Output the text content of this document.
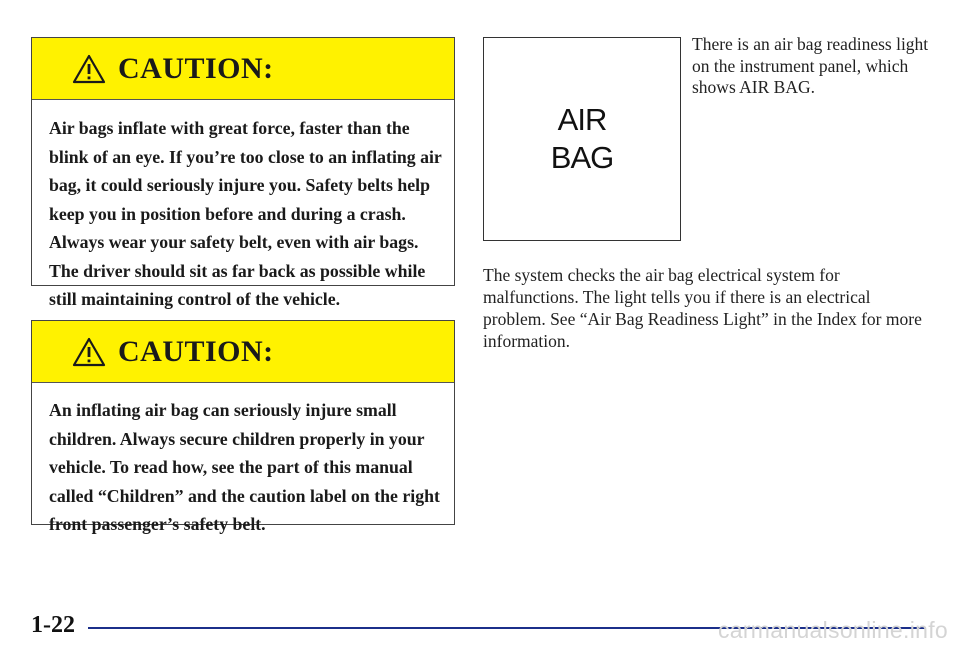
CAUTION:
Air bags inflate with great force, faster than the blink of an eye. If you’re too close to an inflating air bag, it could seriously injure you. Safety belts help keep you in position before and during a crash. Always wear your safety belt, even with air bags. The driver should sit as far back as possible while still maintaining control of the vehicle.
CAUTION:
An inflating air bag can seriously injure small children. Always secure children properly in your vehicle. To read how, see the part of this manual called “Children” and the caution label on the right front passenger’s safety belt.
AIR
BAG

There is an air bag readiness light on the instrument panel, which shows AIR BAG.

The system checks the air bag electrical system for malfunctions. The light tells you if there is an electrical problem. See “Air Bag Readiness Light” in the Index for more information.

1-22	carmanualsonline.info
